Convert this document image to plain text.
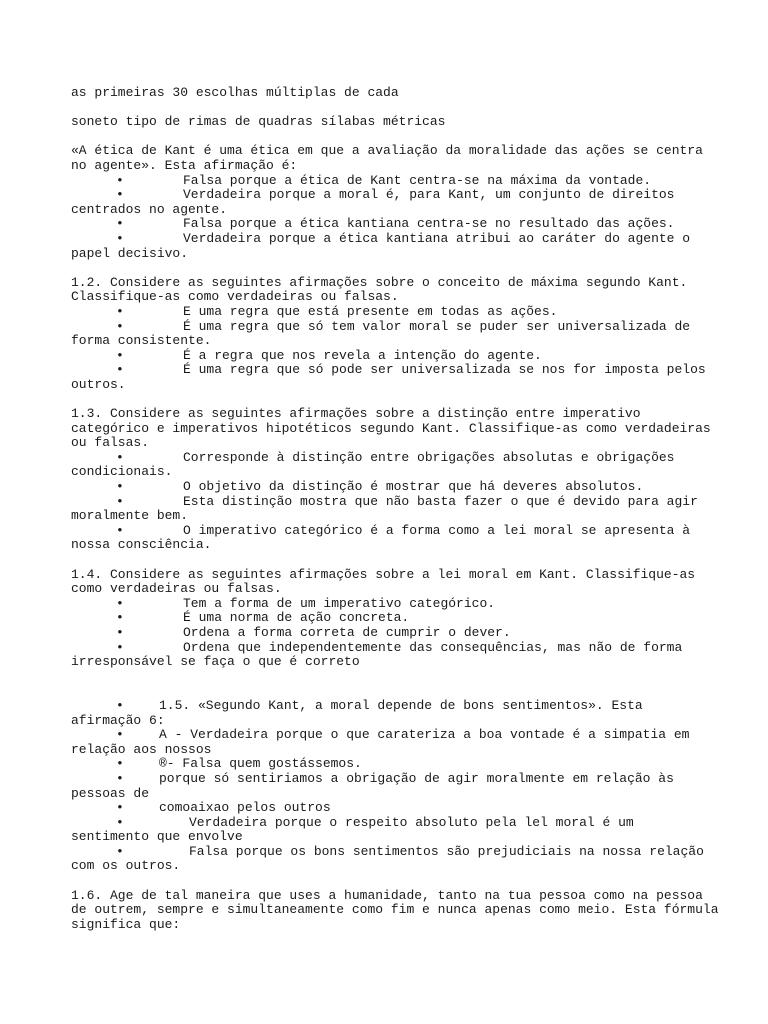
as primeiras 30 escolhas múltiplas de cada
soneto tipo de rimas de quadras sílabas métricas
«A ética de Kant é uma ética em que a avaliação da moralidade das ações se centra
no agente». Esta afirmação é:
•	Falsa porque a ética de Kant centra-se na máxima da vontade.
•	Verdadeira porque a moral é, para Kant, um conjunto de direitos
centrados no agente.
•	Falsa porque a ética kantiana centra-se no resultado das ações.
•	Verdadeira porque a ética kantiana atribui ao caráter do agente o
papel decisivo.
1.2. Considere as seguintes afirmações sobre o conceito de máxima segundo Kant.
Classifique-as como verdadeiras ou falsas.
•	E uma regra que está presente em todas as ações.
•	É uma regra que só tem valor moral se puder ser universalizada de
forma consistente.
•	É a regra que nos revela a intenção do agente.
•	É uma regra que só pode ser universalizada se nos for imposta pelos
outros.
1.3. Considere as seguintes afirmações sobre a distinção entre imperativo
categórico e imperativos hipotéticos segundo Kant. Classifique-as como verdadeiras
ou falsas.
•	Corresponde à distinção entre obrigações absolutas e obrigações
condicionais.
•	O objetivo da distinção é mostrar que há deveres absolutos.
•	Esta distinção mostra que não basta fazer o que é devido para agir
moralmente bem.
•	O imperativo categórico é a forma como a lei moral se apresenta à
nossa consciência.
1.4. Considere as seguintes afirmações sobre a lei moral em Kant. Classifique-as
como verdadeiras ou falsas.
•	Tem a forma de um imperativo categórico.
•	É uma norma de ação concreta.
•	Ordena a forma correta de cumprir o dever.
•	Ordena que independentemente das consequências, mas não de forma
irresponsável se faça o que é correto
•	1.5. «Segundo Kant, a moral depende de bons sentimentos». Esta
afirmação 6:
•	A - Verdadeira porque o que carateriza a boa vontade é a simpatia em
relação aos nossos
•	®- Falsa quem gostássemos.
•	porque só sentiriamos a obrigação de agir moralmente em relação às
pessoas de
•	comoaixao pelos outros
•	Verdadeira porque o respeito absoluto pela lel moral é um
sentimento que envolve
•	Falsa porque os bons sentimentos são prejudiciais na nossa relação
com os outros.
1.6. Age de tal maneira que uses a humanidade, tanto na tua pessoa como na pessoa
de outrem, sempre e simultaneamente como fim e nunca apenas como meio. Esta fórmula
significa que:
